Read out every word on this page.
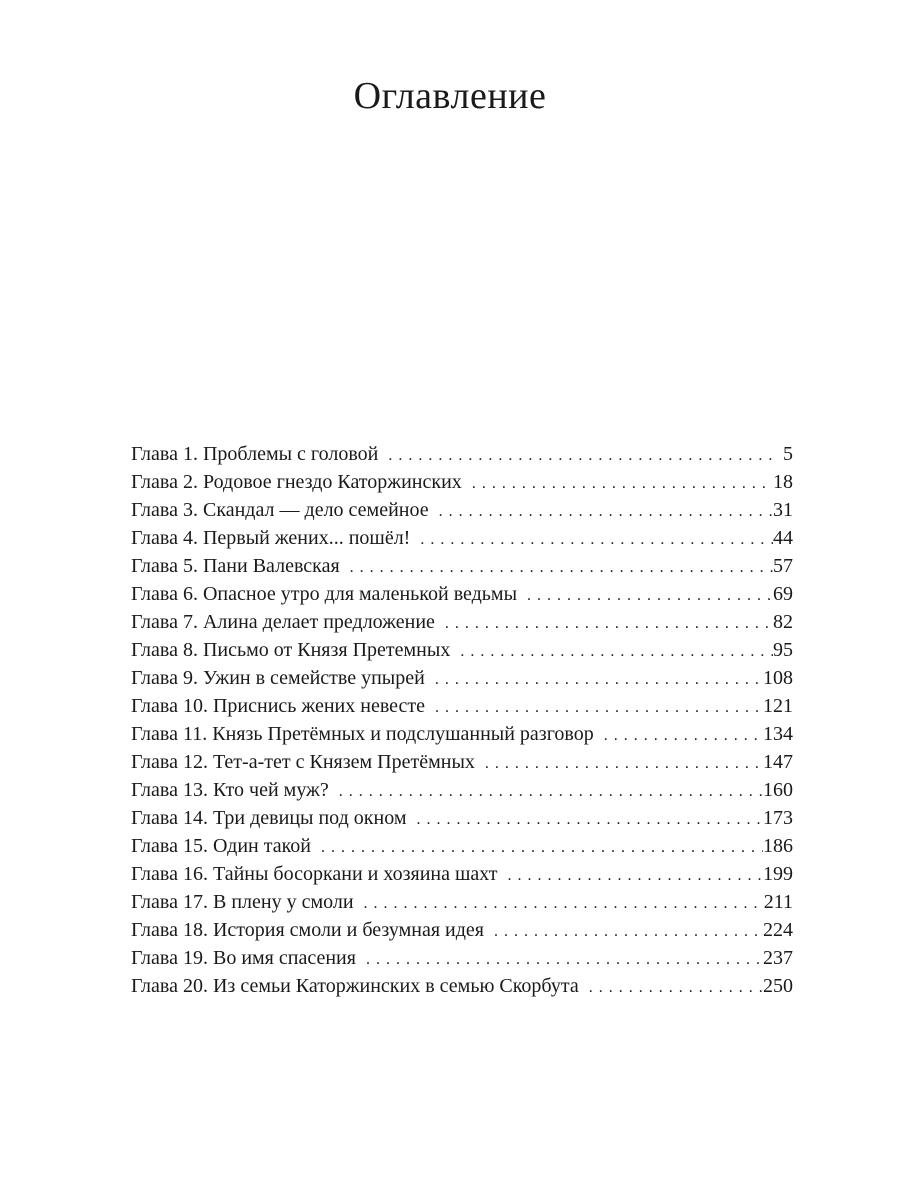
Оглавление
Глава 1. Проблемы с головой . . .	5
Глава 2. Родовое гнездо Каторжинских . . .	18
Глава 3. Скандал — дело семейное . . .	31
Глава 4. Первый жених... пошёл! . . .	44
Глава 5. Пани Валевская . . .	57
Глава 6. Опасное утро для маленькой ведьмы . . .	69
Глава 7. Алина делает предложение . . .	82
Глава 8. Письмо от Князя Претемных . . .	95
Глава 9. Ужин в семействе упырей . . .	108
Глава 10. Приснись жених невесте . . .	121
Глава 11. Князь Претёмных и подслушанный разговор . . .	134
Глава 12. Тет-а-тет с Князем Претёмных . . .	147
Глава 13. Кто чей муж? . . .	160
Глава 14. Три девицы под окном . . .	173
Глава 15. Один такой . . .	186
Глава 16. Тайны босоркани и хозяина шахт . . .	199
Глава 17. В плену у смоли . . .	211
Глава 18. История смоли и безумная идея . . .	224
Глава 19. Во имя спасения . . .	237
Глава 20. Из семьи Каторжинских в семью Скорбута . . .	250
